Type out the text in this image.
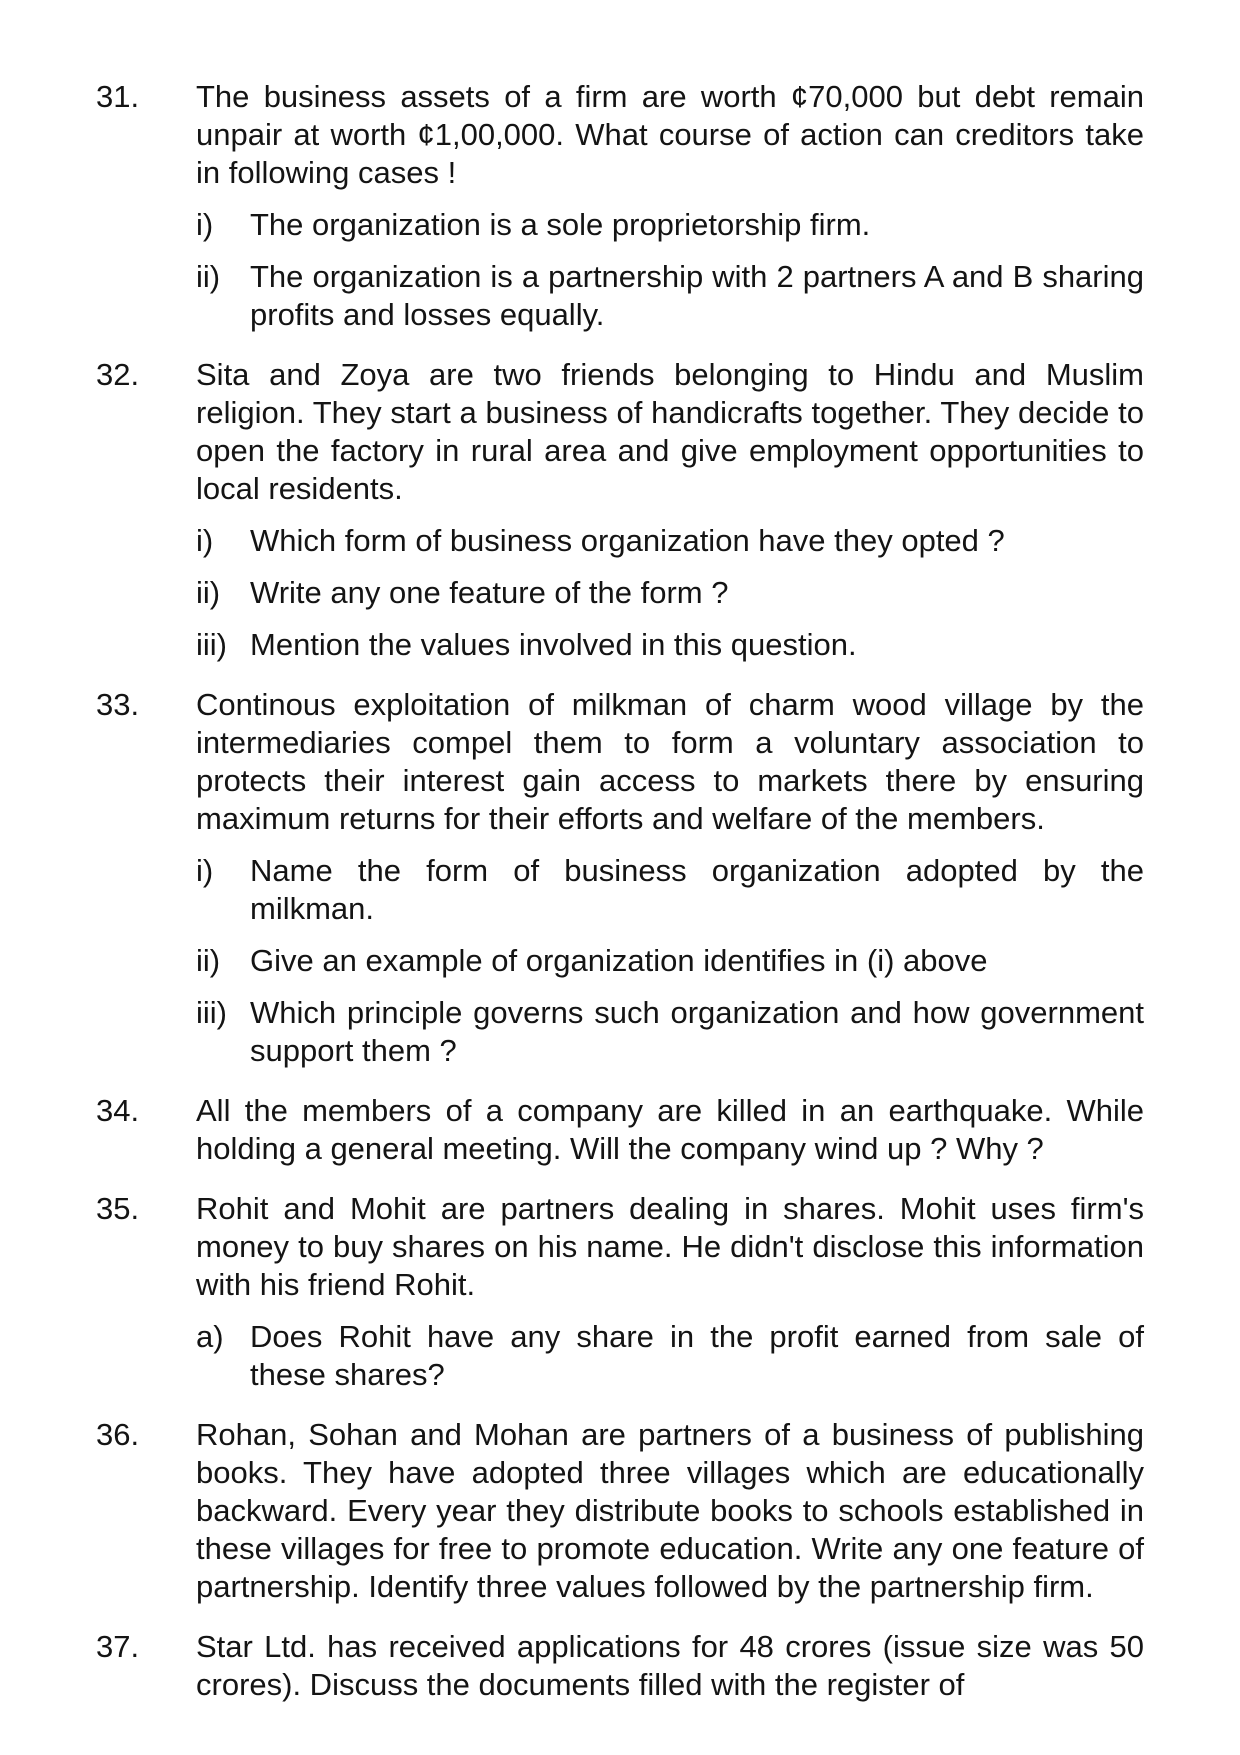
31.	The business assets of a firm are worth ¢70,000 but debt remain unpair at worth ¢1,00,000. What course of action can creditors take in following cases !

i)	The organization is a sole proprietorship firm.
ii) The organization is a partnership with 2 partners A and B sharing profits and losses equally.
32.	Sita and Zoya are two friends belonging to Hindu and Muslim religion. They start a business of handicrafts together. They decide to open the factory in rural area and give employment opportunities to local residents.

i)	Which form of business organization have they opted ?
ii) Write any one feature of the form ?
iii) Mention the values involved in this question.
33.	Continous exploitation of milkman of charm wood village by the intermediaries compel them to form a voluntary association to protects their interest gain access to markets there by ensuring maximum returns for their efforts and welfare of the members.

i)	Name the form of business organization adopted by the milkman.
ii) Give an example of organization identifies in (i) above
iii) Which principle governs such organization and how government support them ?
34.	All the members of a company are killed in an earthquake. While holding a general meeting. Will the company wind up ? Why ?

35.	Rohit and Mohit are partners dealing in shares. Mohit uses firm's money to buy shares on his name. He didn't disclose this information with his friend Rohit.

a) Does Rohit have any share in the profit earned from sale of these shares?
36.	Rohan, Sohan and Mohan are partners of a business of publishing books. They have adopted three villages which are educationally backward. Every year they distribute books to schools established in these villages for free to promote education. Write any one feature of partnership. Identify three values followed by the partnership firm.

37.	Star Ltd. has received applications for 48 crores (issue size was 50 crores). Discuss the documents filled with the register of
